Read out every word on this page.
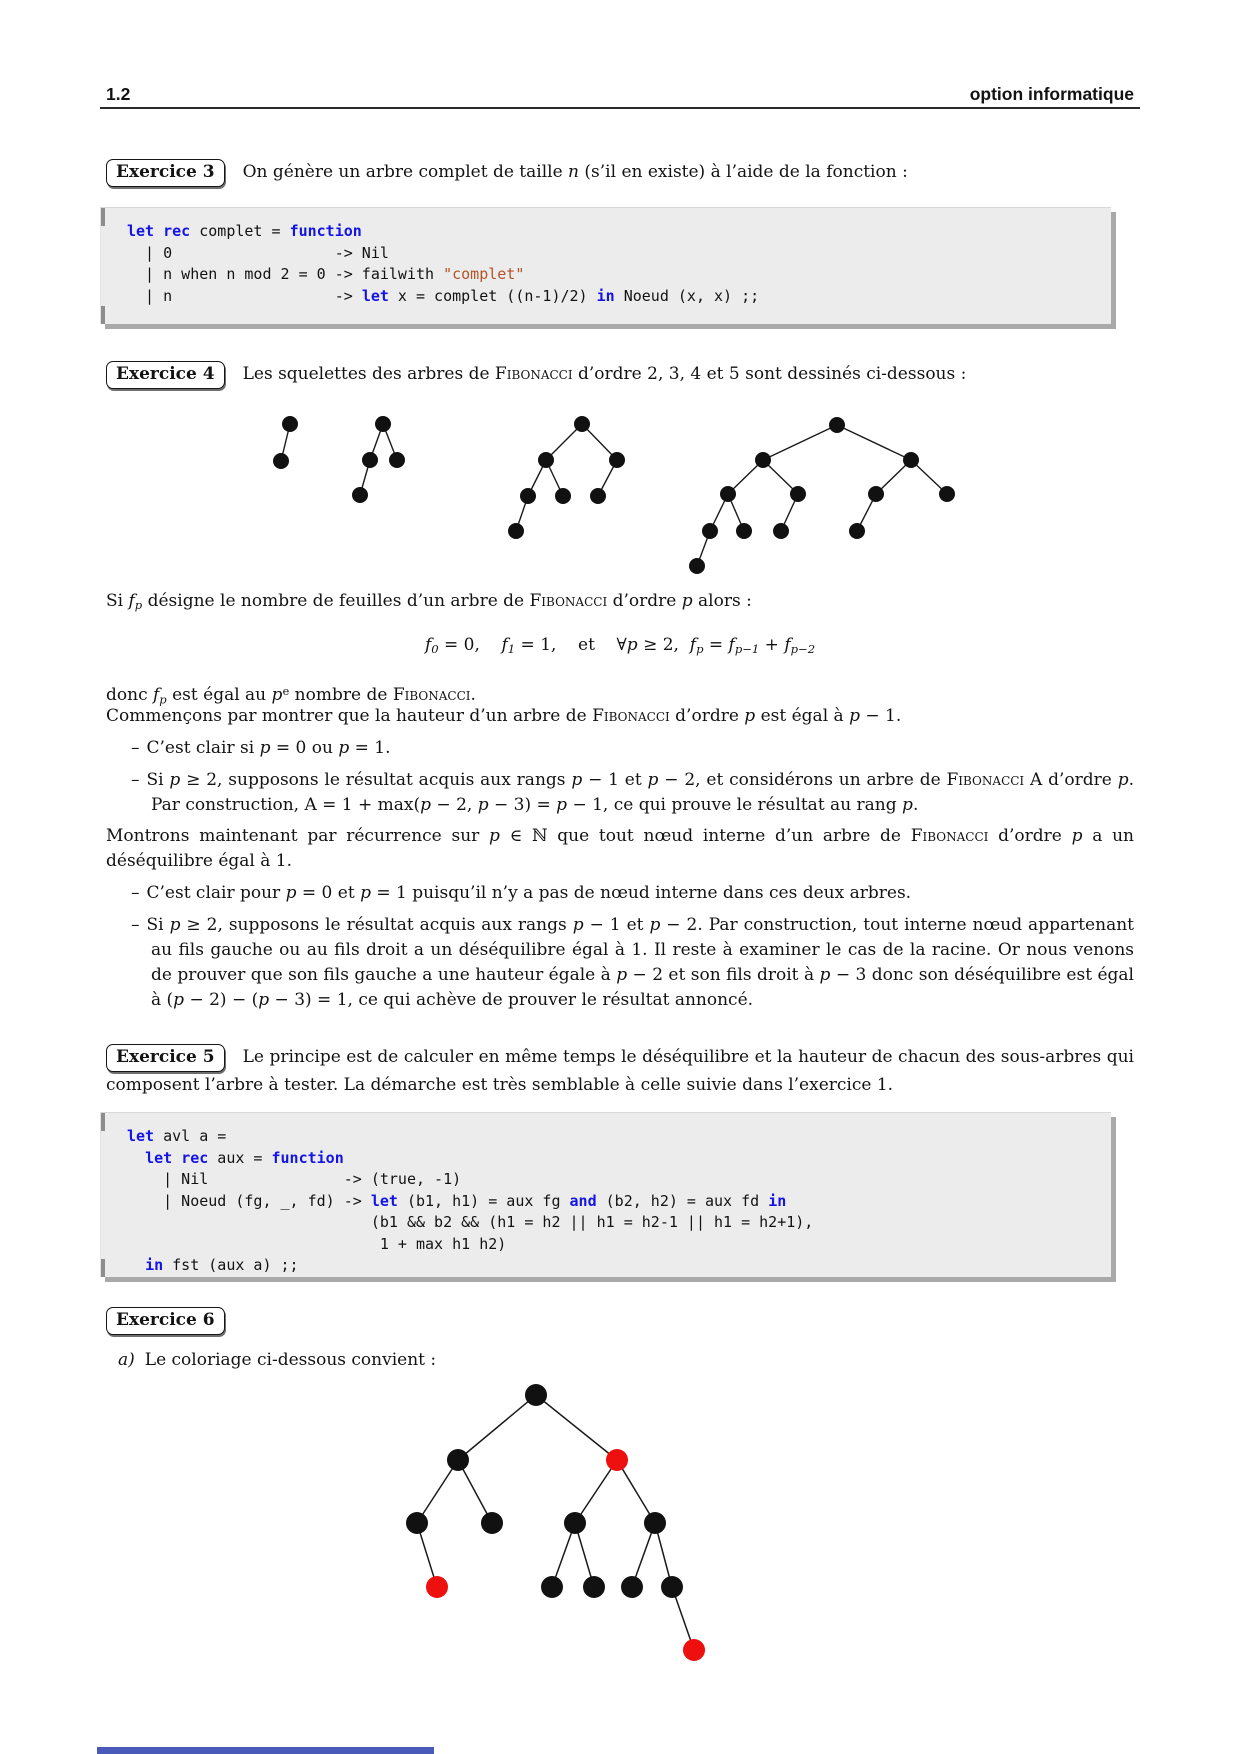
1.2	option informatique
Exercice 3 On génère un arbre complet de taille n (s’il en existe) à l’aide de la fonction :
let rec complet = function
| 0                  -> Nil
| n when n mod 2 = 0 -> failwith "complet"
| n                  -> let x = complet ((n-1)/2) in Noeud (x, x) ;;
Exercice 4 Les squelettes des arbres de Fibonacci d’ordre 2, 3, 4 et 5 sont dessinés ci-dessous :
Si fp désigne le nombre de feuilles d’un arbre de Fibonacci d’ordre p alors :
f0 = 0,    f1 = 1,    et    ∀p ≥ 2,  fp = fp−1 + fp−2
donc fp est égal au $p^e$ nombre de Fibonacci.
Commençons par montrer que la hauteur d’un arbre de Fibonacci d’ordre p est égal à p − 1.
– C’est clair si p = 0 ou p = 1.
– Si p ≥ 2, supposons le résultat acquis aux rangs p − 1 et p − 2, et considérons un arbre de Fibonacci A d’ordre p. Par construction, A = 1 + max(p − 2, p − 3) = p − 1, ce qui prouve le résultat au rang p.
Montrons maintenant par récurrence sur p ∈ ℕ que tout nœud interne d’un arbre de Fibonacci d’ordre p a un déséquilibre égal à 1.
– C’est clair pour p = 0 et p = 1 puisqu’il n’y a pas de nœud interne dans ces deux arbres.
– Si p ≥ 2, supposons le résultat acquis aux rangs p − 1 et p − 2. Par construction, tout interne nœud appartenant au fils gauche ou au fils droit a un déséquilibre égal à 1. Il reste à examiner le cas de la racine. Or nous venons de prouver que son fils gauche a une hauteur égale à p − 2 et son fils droit à p − 3 donc son déséquilibre est égal à (p − 2) − (p − 3) = 1, ce qui achève de prouver le résultat annoncé.
Exercice 5 Le principe est de calculer en même temps le déséquilibre et la hauteur de chacun des sous-arbres qui composent l’arbre à tester. La démarche est très semblable à celle suivie dans l’exercice 1.
let avl a =
let rec aux = function
| Nil               -> (true, -1)
| Noeud (fg, _, fd) -> let (b1, h1) = aux fg and (b2, h2) = aux fd in
(b1 && b2 && (h1 = h2 || h1 = h2-1 || h1 = h2+1),
1 + max h1 h2)
in fst (aux a) ;;
Exercice 6
a) Le coloriage ci-dessous convient :
